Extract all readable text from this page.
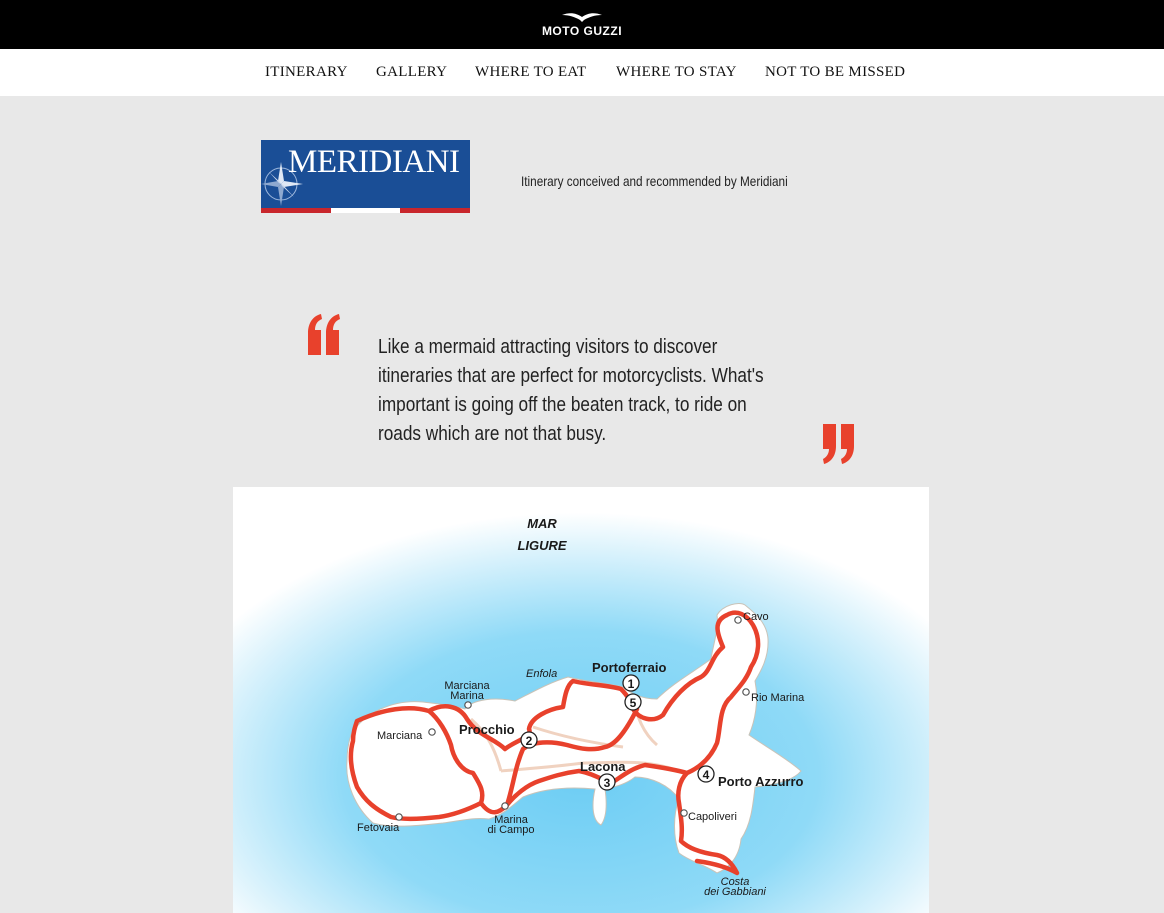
MOTO GUZZI
ITINERARY GALLERY WHERE TO EAT WHERE TO STAY NOT TO BE MISSED
MERIDIANI
Itinerary conceived and recommended by Meridiani
Like a mermaid attracting visitors to discover itineraries that are perfect for motorcyclists. What's important is going off the beaten track, to ride on roads which are not that busy.
1
5
2
3
4
MAR
LIGURE
Portoferraio
Enfola
Cavo
Rio Marina
Marciana
Marina
Marciana	Procchio
Lacona
Porto Azzurro
Capoliveri
Fetovaia
Marina
di Campo
Costa
dei Gabbiani
